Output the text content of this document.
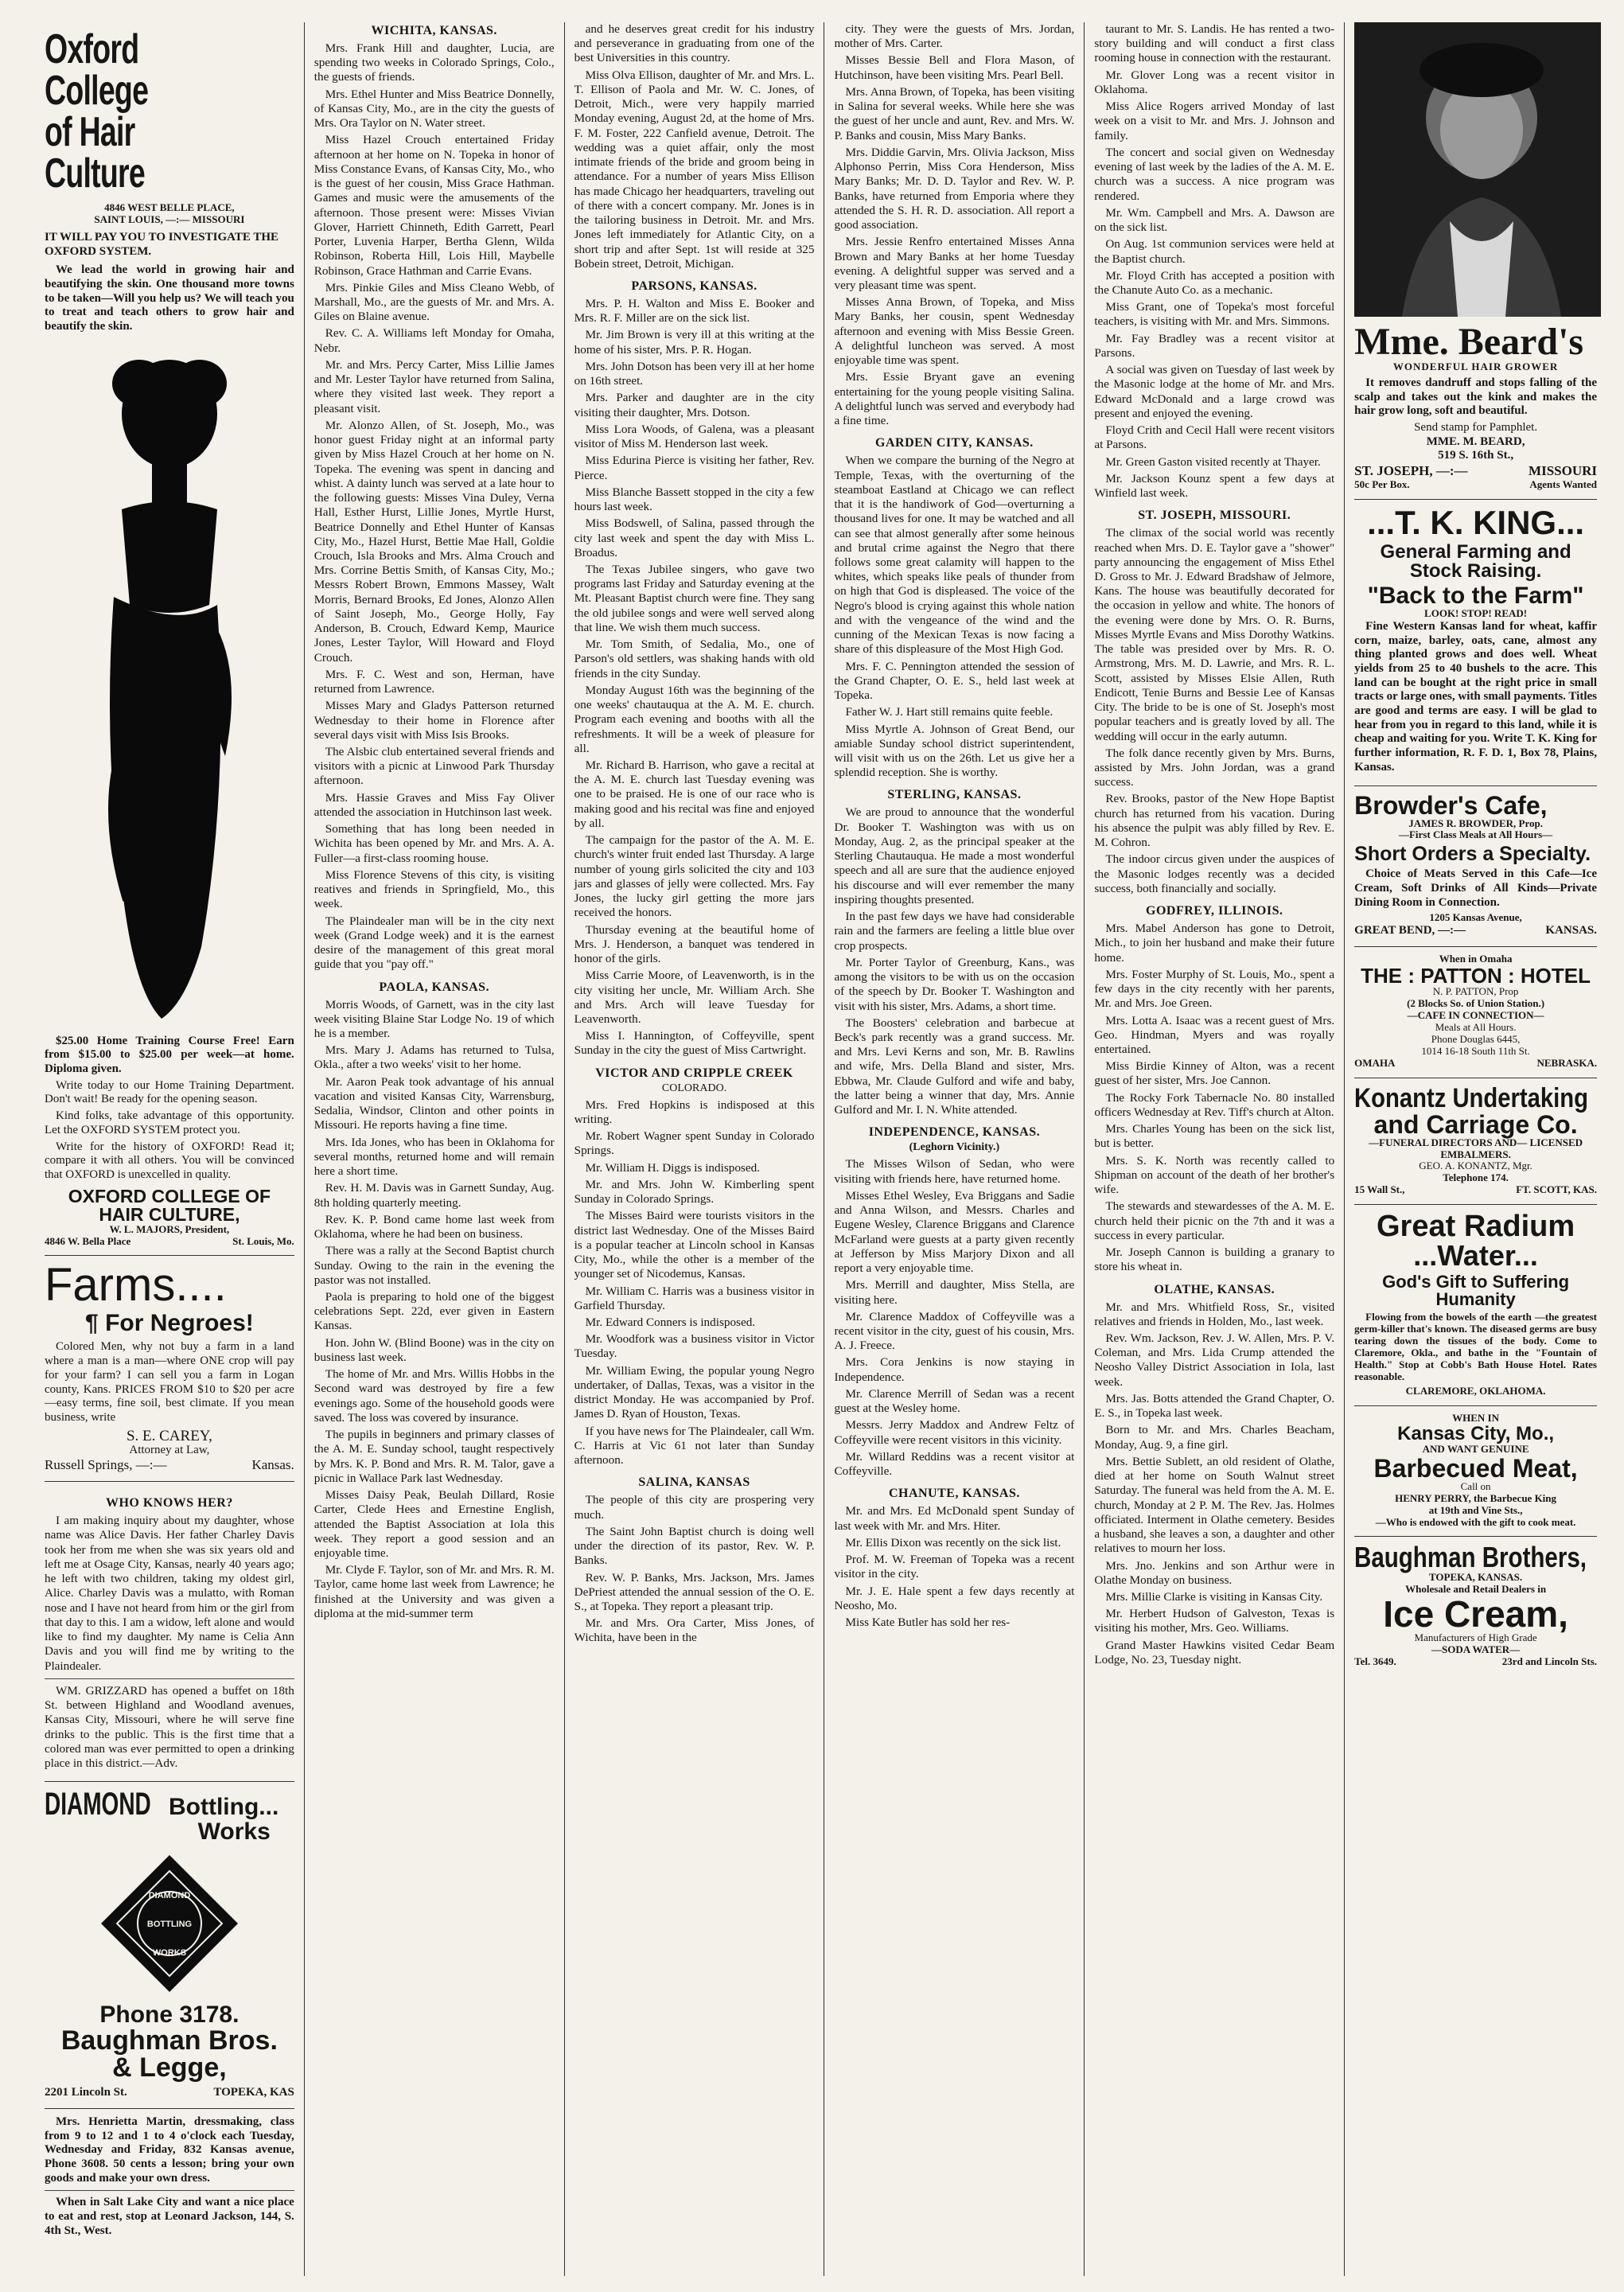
Oxford College
of Hair Culture
4846 WEST BELLE PLACE,
SAINT LOUIS, —:— MISSOURI
IT WILL PAY YOU TO INVESTIGATE THE OXFORD SYSTEM.

We lead the world in growing hair and beautifying the skin. One thousand more towns to be taken—Will you help us? We will teach you to treat and teach others to grow hair and beautify the skin.

$25.00 Home Training Course Free! Earn from $15.00 to $25.00 per week—at home. Diploma given.

Write today to our Home Training Department. Don't wait! Be ready for the opening season.

Kind folks, take advantage of this opportunity. Let the OXFORD SYSTEM protect you.

Write for the history of OXFORD! Read it; compare it with all others. You will be convinced that OXFORD is unexcelled in quality.

OXFORD COLLEGE OF
HAIR CULTURE,
W. L. MAJORS, President,
4846 W. Bella Place	St. Louis, Mo.
Farms....
¶ For Negroes!

Colored Men, why not buy a farm in a land where a man is a man—where ONE crop will pay for your farm? I can sell you a farm in Logan county, Kans. PRICES FROM $10 to $20 per acre—easy terms, fine soil, best climate. If you mean business, write

S. E. CAREY,
Attorney at Law,
Russell Springs, —:—	Kansas.
WHO KNOWS HER?

I am making inquiry about my daughter, whose name was Alice Davis. Her father Charley Davis took her from me when she was six years old and left me at Osage City, Kansas, nearly 40 years ago; he left with two children, taking my oldest girl, Alice. Charley Davis was a mulatto, with Roman nose and I have not heard from him or the girl from that day to this. I am a widow, left alone and would like to find my daughter. My name is Celia Ann Davis and you will find me by writing to the Plaindealer.

WM. GRIZZARD has opened a buffet on 18th St. between Highland and Woodland avenues, Kansas City, Missouri, where he will serve fine drinks to the public. This is the first time that a colored man was ever permitted to open a drinking place in this district.—Adv.

DIAMOND Bottling...
Works
DIAMOND
BOTTLING
WORKS
Phone 3178.
Baughman Bros.
& Legge,
2201 Lincoln St.	TOPEKA, KAS

Mrs. Henrietta Martin, dressmaking, class from 9 to 12 and 1 to 4 o'clock each Tuesday, Wednesday and Friday, 832 Kansas avenue, Phone 3608. 50 cents a lesson; bring your own goods and make your own dress.

When in Salt Lake City and want a nice place to eat and rest, stop at Leonard Jackson, 144, S. 4th St., West.

WICHITA, KANSAS.

Mrs. Frank Hill and daughter, Lucia, are spending two weeks in Colorado Springs, Colo., the guests of friends.

Mrs. Ethel Hunter and Miss Beatrice Donnelly, of Kansas City, Mo., are in the city the guests of Mrs. Ora Taylor on N. Water street.

Miss Hazel Crouch entertained Friday afternoon at her home on N. Topeka in honor of Miss Constance Evans, of Kansas City, Mo., who is the guest of her cousin, Miss Grace Hathman. Games and music were the amusements of the afternoon. Those present were: Misses Vivian Glover, Harriett Chinneth, Edith Garrett, Pearl Porter, Luvenia Harper, Bertha Glenn, Wilda Robinson, Roberta Hill, Lois Hill, Maybelle Robinson, Grace Hathman and Carrie Evans.

Mrs. Pinkie Giles and Miss Cleano Webb, of Marshall, Mo., are the guests of Mr. and Mrs. A. Giles on Blaine avenue.

Rev. C. A. Williams left Monday for Omaha, Nebr.

Mr. and Mrs. Percy Carter, Miss Lillie James and Mr. Lester Taylor have returned from Salina, where they visited last week. They report a pleasant visit.

Mr. Alonzo Allen, of St. Joseph, Mo., was honor guest Friday night at an informal party given by Miss Hazel Crouch at her home on N. Topeka. The evening was spent in dancing and whist. A dainty lunch was served at a late hour to the following guests: Misses Vina Duley, Verna Hall, Esther Hurst, Lillie Jones, Myrtle Hurst, Beatrice Donnelly and Ethel Hunter of Kansas City, Mo., Hazel Hurst, Bettie Mae Hall, Goldie Crouch, Isla Brooks and Mrs. Alma Crouch and Mrs. Corrine Bettis Smith, of Kansas City, Mo.; Messrs Robert Brown, Emmons Massey, Walt Morris, Bernard Brooks, Ed Jones, Alonzo Allen of Saint Joseph, Mo., George Holly, Fay Anderson, B. Crouch, Edward Kemp, Maurice Jones, Lester Taylor, Will Howard and Floyd Crouch.

Mrs. F. C. West and son, Herman, have returned from Lawrence.

Misses Mary and Gladys Patterson returned Wednesday to their home in Florence after several days visit with Miss Isis Brooks.

The Alsbic club entertained several friends and visitors with a picnic at Linwood Park Thursday afternoon.

Mrs. Hassie Graves and Miss Fay Oliver attended the association in Hutchinson last week.

Something that has long been needed in Wichita has been opened by Mr. and Mrs. A. A. Fuller—a first-class rooming house.

Miss Florence Stevens of this city, is visiting reatives and friends in Springfield, Mo., this week.

The Plaindealer man will be in the city next week (Grand Lodge week) and it is the earnest desire of the management of this great moral guide that you "pay off."

PAOLA, KANSAS.

Morris Woods, of Garnett, was in the city last week visiting Blaine Star Lodge No. 19 of which he is a member.

Mrs. Mary J. Adams has returned to Tulsa, Okla., after a two weeks' visit to her home.

Mr. Aaron Peak took advantage of his annual vacation and visited Kansas City, Warrensburg, Sedalia, Windsor, Clinton and other points in Missouri. He reports having a fine time.

Mrs. Ida Jones, who has been in Oklahoma for several months, returned home and will remain here a short time.

Rev. H. M. Davis was in Garnett Sunday, Aug. 8th holding quarterly meeting.

Rev. K. P. Bond came home last week from Oklahoma, where he had been on business.

There was a rally at the Second Baptist church Sunday. Owing to the rain in the evening the pastor was not installed.

Paola is preparing to hold one of the biggest celebrations Sept. 22d, ever given in Eastern Kansas.

Hon. John W. (Blind Boone) was in the city on business last week.

The home of Mr. and Mrs. Willis Hobbs in the Second ward was destroyed by fire a few evenings ago. Some of the household goods were saved. The loss was covered by insurance.

The pupils in beginners and primary classes of the A. M. E. Sunday school, taught respectively by Mrs. K. P. Bond and Mrs. R. M. Talor, gave a picnic in Wallace Park last Wednesday.

Misses Daisy Peak, Beulah Dillard, Rosie Carter, Clede Hees and Ernestine English, attended the Baptist Association at Iola this week. They report a good session and an enjoyable time.

Mr. Clyde F. Taylor, son of Mr. and Mrs. R. M. Taylor, came home last week from Lawrence; he finished at the University and was given a diploma at the mid-summer term

and he deserves great credit for his industry and perseverance in graduating from one of the best Universities in this country.

Miss Olva Ellison, daughter of Mr. and Mrs. L. T. Ellison of Paola and Mr. W. C. Jones, of Detroit, Mich., were very happily married Monday evening, August 2d, at the home of Mrs. F. M. Foster, 222 Canfield avenue, Detroit. The wedding was a quiet affair, only the most intimate friends of the bride and groom being in attendance. For a number of years Miss Ellison has made Chicago her headquarters, traveling out of there with a concert company. Mr. Jones is in the tailoring business in Detroit. Mr. and Mrs. Jones left immediately for Atlantic City, on a short trip and after Sept. 1st will reside at 325 Bobein street, Detroit, Michigan.

PARSONS, KANSAS.

Mrs. P. H. Walton and Miss E. Booker and Mrs. R. F. Miller are on the sick list.

Mr. Jim Brown is very ill at this writing at the home of his sister, Mrs. P. R. Hogan.

Mrs. John Dotson has been very ill at her home on 16th street.

Mrs. Parker and daughter are in the city visiting their daughter, Mrs. Dotson.

Miss Lora Woods, of Galena, was a pleasant visitor of Miss M. Henderson last week.

Miss Edurina Pierce is visiting her father, Rev. Pierce.

Miss Blanche Bassett stopped in the city a few hours last week.

Miss Bodswell, of Salina, passed through the city last week and spent the day with Miss L. Broadus.

The Texas Jubilee singers, who gave two programs last Friday and Saturday evening at the Mt. Pleasant Baptist church were fine. They sang the old jubilee songs and were well served along that line. We wish them much success.

Mr. Tom Smith, of Sedalia, Mo., one of Parson's old settlers, was shaking hands with old friends in the city Sunday.

Monday August 16th was the beginning of the one weeks' chautauqua at the A. M. E. church. Program each evening and booths with all the refreshments. It will be a week of pleasure for all.

Mr. Richard B. Harrison, who gave a recital at the A. M. E. church last Tuesday evening was one to be praised. He is one of our race who is making good and his recital was fine and enjoyed by all.

The campaign for the pastor of the A. M. E. church's winter fruit ended last Thursday. A large number of young girls solicited the city and 103 jars and glasses of jelly were collected. Mrs. Fay Jones, the lucky girl getting the more jars received the honors.

Thursday evening at the beautiful home of Mrs. J. Henderson, a banquet was tendered in honor of the girls.

Miss Carrie Moore, of Leavenworth, is in the city visiting her uncle, Mr. William Arch. She and Mrs. Arch will leave Tuesday for Leavenworth.

Miss I. Hannington, of Coffeyville, spent Sunday in the city the guest of Miss Cartwright.

VICTOR AND CRIPPLE CREEK
COLORADO.

Mrs. Fred Hopkins is indisposed at this writing.

Mr. Robert Wagner spent Sunday in Colorado Springs.

Mr. William H. Diggs is indisposed.

Mr. and Mrs. John W. Kimberling spent Sunday in Colorado Springs.

The Misses Baird were tourists visitors in the district last Wednesday. One of the Misses Baird is a popular teacher at Lincoln school in Kansas City, Mo., while the other is a member of the younger set of Nicodemus, Kansas.

Mr. William C. Harris was a business visitor in Garfield Thursday.

Mr. Edward Conners is indisposed.

Mr. Woodfork was a business visitor in Victor Tuesday.

Mr. William Ewing, the popular young Negro undertaker, of Dallas, Texas, was a visitor in the district Monday. He was accompanied by Prof. James D. Ryan of Houston, Texas.

If you have news for The Plaindealer, call Wm. C. Harris at Vic 61 not later than Sunday afternoon.

SALINA, KANSAS

The people of this city are prospering very much.

The Saint John Baptist church is doing well under the direction of its pastor, Rev. W. P. Banks.

Rev. W. P. Banks, Mrs. Jackson, Mrs. James DePriest attended the annual session of the O. E. S., at Topeka. They report a pleasant trip.

Mr. and Mrs. Ora Carter, Miss Jones, of Wichita, have been in the

city. They were the guests of Mrs. Jordan, mother of Mrs. Carter.

Misses Bessie Bell and Flora Mason, of Hutchinson, have been visiting Mrs. Pearl Bell.

Mrs. Anna Brown, of Topeka, has been visiting in Salina for several weeks. While here she was the guest of her uncle and aunt, Rev. and Mrs. W. P. Banks and cousin, Miss Mary Banks.

Mrs. Diddie Garvin, Mrs. Olivia Jackson, Miss Alphonso Perrin, Miss Cora Henderson, Miss Mary Banks; Mr. D. D. Taylor and Rev. W. P. Banks, have returned from Emporia where they attended the S. H. R. D. association. All report a good association.

Mrs. Jessie Renfro entertained Misses Anna Brown and Mary Banks at her home Tuesday evening. A delightful supper was served and a very pleasant time was spent.

Misses Anna Brown, of Topeka, and Miss Mary Banks, her cousin, spent Wednesday afternoon and evening with Miss Bessie Green. A delightful luncheon was served. A most enjoyable time was spent.

Mrs. Essie Bryant gave an evening entertaining for the young people visiting Salina. A delightful lunch was served and everybody had a fine time.

GARDEN CITY, KANSAS.

When we compare the burning of the Negro at Temple, Texas, with the overturning of the steamboat Eastland at Chicago we can reflect that it is the handiwork of God—overturning a thousand lives for one. It may be watched and all can see that almost generally after some heinous and brutal crime against the Negro that there follows some great calamity will happen to the whites, which speaks like peals of thunder from on high that God is displeased. The voice of the Negro's blood is crying against this whole nation and with the vengeance of the wind and the cunning of the Mexican Texas is now facing a share of this displeasure of the Most High God.

Mrs. F. C. Pennington attended the session of the Grand Chapter, O. E. S., held last week at Topeka.

Father W. J. Hart still remains quite feeble.

Miss Myrtle A. Johnson of Great Bend, our amiable Sunday school district superintendent, will visit with us on the 26th. Let us give her a splendid reception. She is worthy.

STERLING, KANSAS.

We are proud to announce that the wonderful Dr. Booker T. Washington was with us on Monday, Aug. 2, as the principal speaker at the Sterling Chautauqua. He made a most wonderful speech and all are sure that the audience enjoyed his discourse and will ever remember the many inspiring thoughts presented.

In the past few days we have had considerable rain and the farmers are feeling a little blue over crop prospects.

Mr. Porter Taylor of Greenburg, Kans., was among the visitors to be with us on the occasion of the speech by Dr. Booker T. Washington and visit with his sister, Mrs. Adams, a short time.

The Boosters' celebration and barbecue at Beck's park recently was a grand success. Mr. and Mrs. Levi Kerns and son, Mr. B. Rawlins and wife, Mrs. Della Bland and sister, Mrs. Ebbwa, Mr. Claude Gulford and wife and baby, the latter being a winner that day, Mrs. Annie Gulford and Mr. I. N. White attended.

INDEPENDENCE, KANSAS.
(Leghorn Vicinity.)

The Misses Wilson of Sedan, who were visiting with friends here, have returned home.

Misses Ethel Wesley, Eva Briggans and Sadie and Anna Wilson, and Messrs. Charles and Eugene Wesley, Clarence Briggans and Clarence McFarland were guests at a party given recently at Jefferson by Miss Marjory Dixon and all report a very enjoyable time.

Mrs. Merrill and daughter, Miss Stella, are visiting here.

Mr. Clarence Maddox of Coffeyville was a recent visitor in the city, guest of his cousin, Mrs. A. J. Freece.

Mrs. Cora Jenkins is now staying in Independence.

Mr. Clarence Merrill of Sedan was a recent guest at the Wesley home.

Messrs. Jerry Maddox and Andrew Feltz of Coffeyville were recent visitors in this vicinity.

Mr. Willard Reddins was a recent visitor at Coffeyville.

CHANUTE, KANSAS.

Mr. and Mrs. Ed McDonald spent Sunday of last week with Mr. and Mrs. Hiter.

Mr. Ellis Dixon was recently on the sick list.

Prof. M. W. Freeman of Topeka was a recent visitor in the city.

Mr. J. E. Hale spent a few days recently at Neosho, Mo.

Miss Kate Butler has sold her res-

taurant to Mr. S. Landis. He has rented a two-story building and will conduct a first class rooming house in connection with the restaurant.

Mr. Glover Long was a recent visitor in Oklahoma.

Miss Alice Rogers arrived Monday of last week on a visit to Mr. and Mrs. J. Johnson and family.

The concert and social given on Wednesday evening of last week by the ladies of the A. M. E. church was a success. A nice program was rendered.

Mr. Wm. Campbell and Mrs. A. Dawson are on the sick list.

On Aug. 1st communion services were held at the Baptist church.

Mr. Floyd Crith has accepted a position with the Chanute Auto Co. as a mechanic.

Miss Grant, one of Topeka's most forceful teachers, is visiting with Mr. and Mrs. Simmons.

Mr. Fay Bradley was a recent visitor at Parsons.

A social was given on Tuesday of last week by the Masonic lodge at the home of Mr. and Mrs. Edward McDonald and a large crowd was present and enjoyed the evening.

Floyd Crith and Cecil Hall were recent visitors at Parsons.

Mr. Green Gaston visited recently at Thayer.

Mr. Jackson Kounz spent a few days at Winfield last week.

ST. JOSEPH, MISSOURI.

The climax of the social world was recently reached when Mrs. D. E. Taylor gave a "shower" party announcing the engagement of Miss Ethel D. Gross to Mr. J. Edward Bradshaw of Jelmore, Kans. The house was beautifully decorated for the occasion in yellow and white. The honors of the evening were done by Mrs. O. R. Burns, Misses Myrtle Evans and Miss Dorothy Watkins. The table was presided over by Mrs. R. O. Armstrong, Mrs. M. D. Lawrie, and Mrs. R. L. Scott, assisted by Misses Elsie Allen, Ruth Endicott, Tenie Burns and Bessie Lee of Kansas City. The bride to be is one of St. Joseph's most popular teachers and is greatly loved by all. The wedding will occur in the early autumn.

The folk dance recently given by Mrs. Burns, assisted by Mrs. John Jordan, was a grand success.

Rev. Brooks, pastor of the New Hope Baptist church has returned from his vacation. During his absence the pulpit was ably filled by Rev. E. M. Cohron.

The indoor circus given under the auspices of the Masonic lodges recently was a decided success, both financially and socially.

GODFREY, ILLINOIS.

Mrs. Mabel Anderson has gone to Detroit, Mich., to join her husband and make their future home.

Mrs. Foster Murphy of St. Louis, Mo., spent a few days in the city recently with her parents, Mr. and Mrs. Joe Green.

Mrs. Lotta A. Isaac was a recent guest of Mrs. Geo. Hindman, Myers and was royally entertained.

Miss Birdie Kinney of Alton, was a recent guest of her sister, Mrs. Joe Cannon.

The Rocky Fork Tabernacle No. 80 installed officers Wednesday at Rev. Tiff's church at Alton.

Mrs. Charles Young has been on the sick list, but is better.

Mrs. S. K. North was recently called to Shipman on account of the death of her brother's wife.

The stewards and stewardesses of the A. M. E. church held their picnic on the 7th and it was a success in every particular.

Mr. Joseph Cannon is building a granary to store his wheat in.

OLATHE, KANSAS.

Mr. and Mrs. Whitfield Ross, Sr., visited relatives and friends in Holden, Mo., last week.

Rev. Wm. Jackson, Rev. J. W. Allen, Mrs. P. V. Coleman, and Mrs. Lida Crump attended the Neosho Valley District Association in Iola, last week.

Mrs. Jas. Botts attended the Grand Chapter, O. E. S., in Topeka last week.

Born to Mr. and Mrs. Charles Beacham, Monday, Aug. 9, a fine girl.

Mrs. Bettie Sublett, an old resident of Olathe, died at her home on South Walnut street Saturday. The funeral was held from the A. M. E. church, Monday at 2 P. M. The Rev. Jas. Holmes officiated. Interment in Olathe cemetery. Besides a husband, she leaves a son, a daughter and other relatives to mourn her loss.

Mrs. Jno. Jenkins and son Arthur were in Olathe Monday on business.

Mrs. Millie Clarke is visiting in Kansas City.

Mr. Herbert Hudson of Galveston, Texas is visiting his mother, Mrs. Geo. Williams.

Grand Master Hawkins visited Cedar Beam Lodge, No. 23, Tuesday night.

Mme. Beard's
WONDERFUL HAIR GROWER

It removes dandruff and stops falling of the scalp and takes out the kink and makes the hair grow long, soft and beautiful.

Send stamp for Pamphlet.
MME. M. BEARD,
519 S. 16th St.,
ST. JOSEPH, —:—	MISSOURI
50c Per Box.	Agents Wanted
...T. K. KING...
General Farming and Stock Raising.
"Back to the Farm"
LOOK! STOP! READ!

Fine Western Kansas land for wheat, kaffir corn, maize, barley, oats, cane, almost any thing planted grows and does well. Wheat yields from 25 to 40 bushels to the acre. This land can be bought at the right price in small tracts or large ones, with small payments. Titles are good and terms are easy. I will be glad to hear from you in regard to this land, while it is cheap and waiting for you. Write T. K. King for further information, R. F. D. 1, Box 78, Plains, Kansas.

Browder's Cafe,
JAMES R. BROWDER, Prop.
—First Class Meals at All Hours—
Short Orders a Specialty.

Choice of Meats Served in this Cafe—Ice Cream, Soft Drinks of All Kinds—Private Dining Room in Connection.

1205 Kansas Avenue,
GREAT BEND, —:—	KANSAS.
When in Omaha
THE : PATTON : HOTEL
N. P. PATTON, Prop
(2 Blocks So. of Union Station.)
—CAFE IN CONNECTION—
Meals at All Hours.
Phone Douglas 6445,
1014 16-18 South 11th St.
OMAHA	NEBRASKA.
Konantz Undertaking
and Carriage Co.
—FUNERAL DIRECTORS AND— LICENSED EMBALMERS.
GEO. A. KONANTZ, Mgr.
Telephone 174.
15 Wall St.,	FT. SCOTT, KAS.
Great Radium
...Water...
God's Gift to Suffering
Humanity

Flowing from the bowels of the earth —the greatest germ-killer that's known. The diseased germs are busy tearing down the tissues of the body. Come to Claremore, Okla., and bathe in the "Fountain of Health." Stop at Cobb's Bath House Hotel. Rates reasonable.

CLAREMORE, OKLAHOMA.
WHEN IN
Kansas City, Mo.,
AND WANT GENUINE
Barbecued Meat,
Call on
HENRY PERRY, the Barbecue King
at 19th and Vine Sts.,
—Who is endowed with the gift to cook meat.
Baughman Brothers,
TOPEKA, KANSAS.
Wholesale and Retail Dealers in
Ice Cream,
Manufacturers of High Grade
—SODA WATER—
Tel. 3649.	23rd and Lincoln Sts.
